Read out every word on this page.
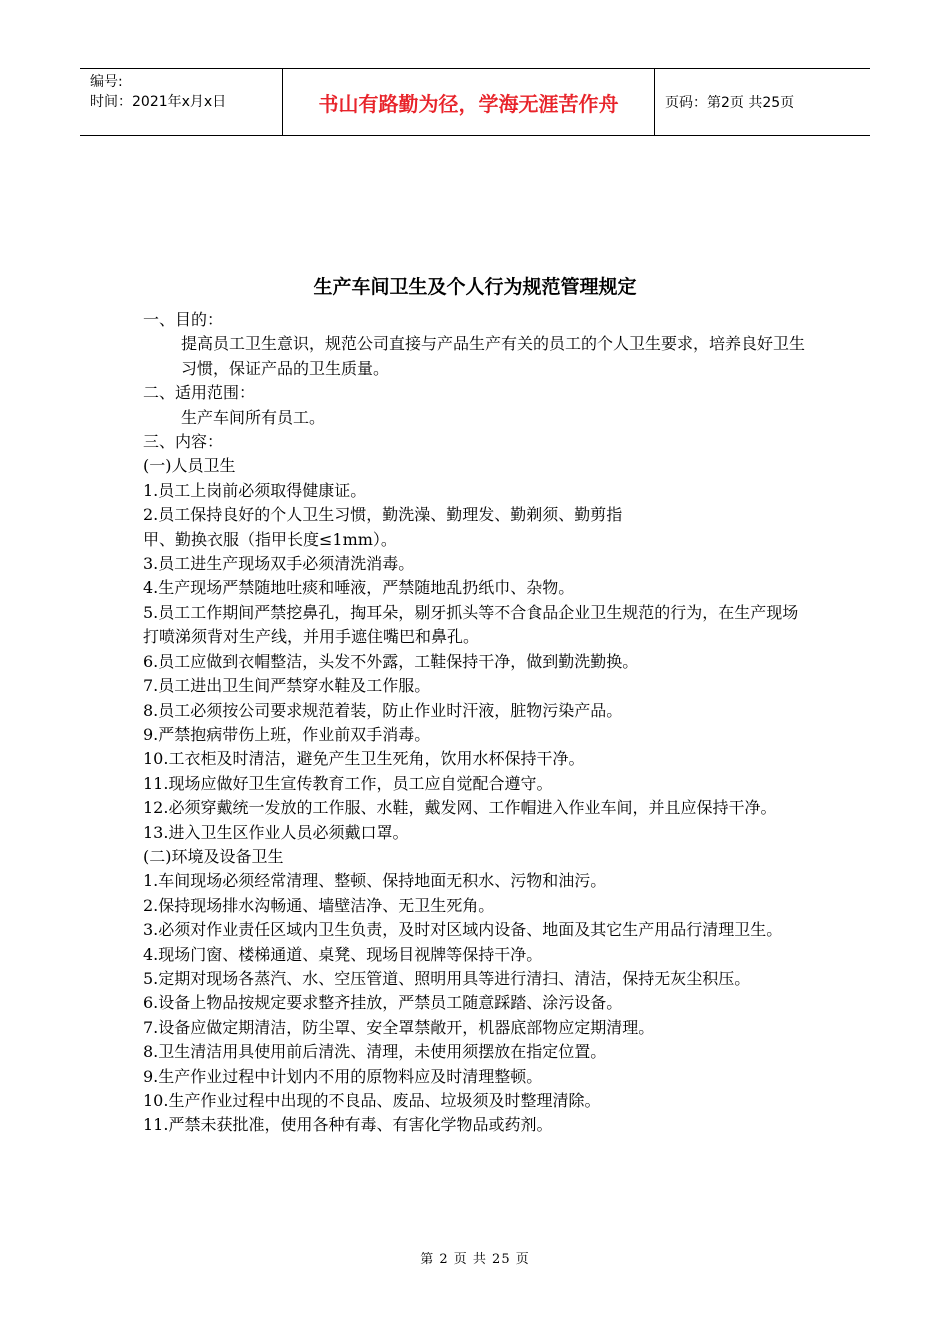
编号:
时间：2021年x月x日	书山有路勤为径，学海无涯苦作舟	页码：第2页 共25页
生产车间卫生及个人行为规范管理规定

一、目的：

提高员工卫生意识，规范公司直接与产品生产有关的员工的个人卫生要求，培养良好卫生习惯，保证产品的卫生质量。

二、适用范围：

生产车间所有员工。

三、内容：

(一)人员卫生

1.员工上岗前必须取得健康证。

2.员工保持良好的个人卫生习惯，勤洗澡、勤理发、勤剃须、勤剪指

甲、勤换衣服（指甲长度≤1mm）。

3.员工进生产现场双手必须清洗消毒。

4.生产现场严禁随地吐痰和唾液，严禁随地乱扔纸巾、杂物。

5.员工工作期间严禁挖鼻孔，掏耳朵，剔牙抓头等不合食品企业卫生规范的行为，在生产现场打喷涕须背对生产线，并用手遮住嘴巴和鼻孔。

6.员工应做到衣帽整洁，头发不外露，工鞋保持干净，做到勤洗勤换。

7.员工进出卫生间严禁穿水鞋及工作服。

8.员工必须按公司要求规范着装，防止作业时汗液，脏物污染产品。

9.严禁抱病带伤上班，作业前双手消毒。

10.工衣柜及时清洁，避免产生卫生死角，饮用水杯保持干净。

11.现场应做好卫生宣传教育工作，员工应自觉配合遵守。

12.必须穿戴统一发放的工作服、水鞋，戴发网、工作帽进入作业车间，并且应保持干净。

13.进入卫生区作业人员必须戴口罩。

(二)环境及设备卫生

1.车间现场必须经常清理、整顿、保持地面无积水、污物和油污。

2.保持现场排水沟畅通、墙壁洁净、无卫生死角。

3.必须对作业责任区域内卫生负责，及时对区域内设备、地面及其它生产用品行清理卫生。

4.现场门窗、楼梯通道、桌凳、现场目视牌等保持干净。

5.定期对现场各蒸汽、水、空压管道、照明用具等进行清扫、清洁，保持无灰尘积压。

6.设备上物品按规定要求整齐挂放，严禁员工随意踩踏、涂污设备。

7.设备应做定期清洁，防尘罩、安全罩禁敞开，机器底部物应定期清理。

8.卫生清洁用具使用前后清洗、清理，未使用须摆放在指定位置。

9.生产作业过程中计划内不用的原物料应及时清理整顿。

10.生产作业过程中出现的不良品、废品、垃圾须及时整理清除。

11.严禁未获批准，使用各种有毒、有害化学物品或药剂。

第 2 页 共 25 页
